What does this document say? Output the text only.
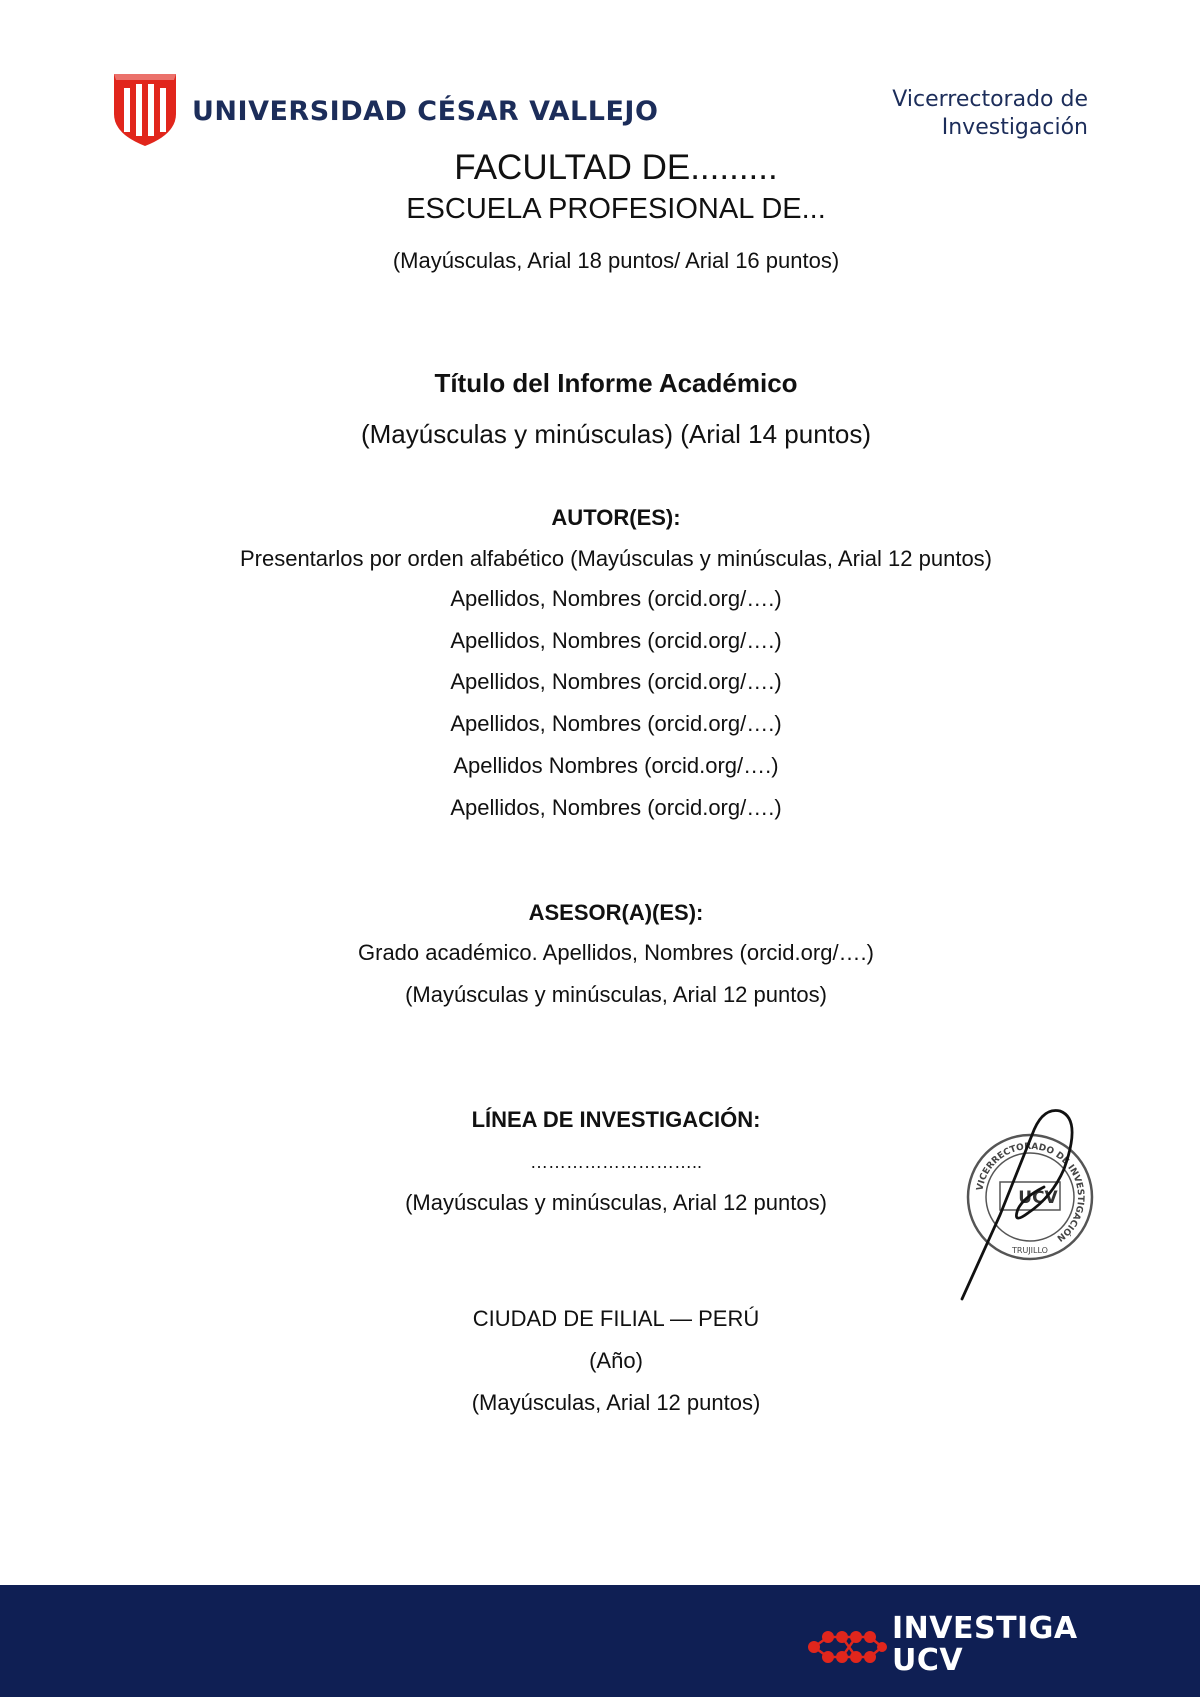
UNIVERSIDAD CÉSAR VALLEJO	Vicerrectorado de
Investigación
FACULTAD DE.........
ESCUELA PROFESIONAL DE...
(Mayúsculas, Arial 18 puntos/ Arial 16 puntos)
Título del Informe Académico
(Mayúsculas y minúsculas) (Arial 14 puntos)
AUTOR(ES):
Presentarlos por orden alfabético (Mayúsculas y minúsculas, Arial 12 puntos)
Apellidos, Nombres (orcid.org/….)
Apellidos, Nombres (orcid.org/….)
Apellidos, Nombres (orcid.org/….)
Apellidos, Nombres (orcid.org/….)
Apellidos Nombres (orcid.org/….)
Apellidos, Nombres (orcid.org/….)
ASESOR(A)(ES):
Grado académico. Apellidos, Nombres (orcid.org/….)
(Mayúsculas y minúsculas, Arial 12 puntos)
LÍNEA DE INVESTIGACIÓN:
………………………..
(Mayúsculas y minúsculas, Arial 12 puntos)
CIUDAD DE FILIAL — PERÚ
(Año)
(Mayúsculas, Arial 12 puntos)
VICERRECTORADO DE INVESTIGACIÓN
UCV
TRUJILLO
INVESTIGA
UCV
